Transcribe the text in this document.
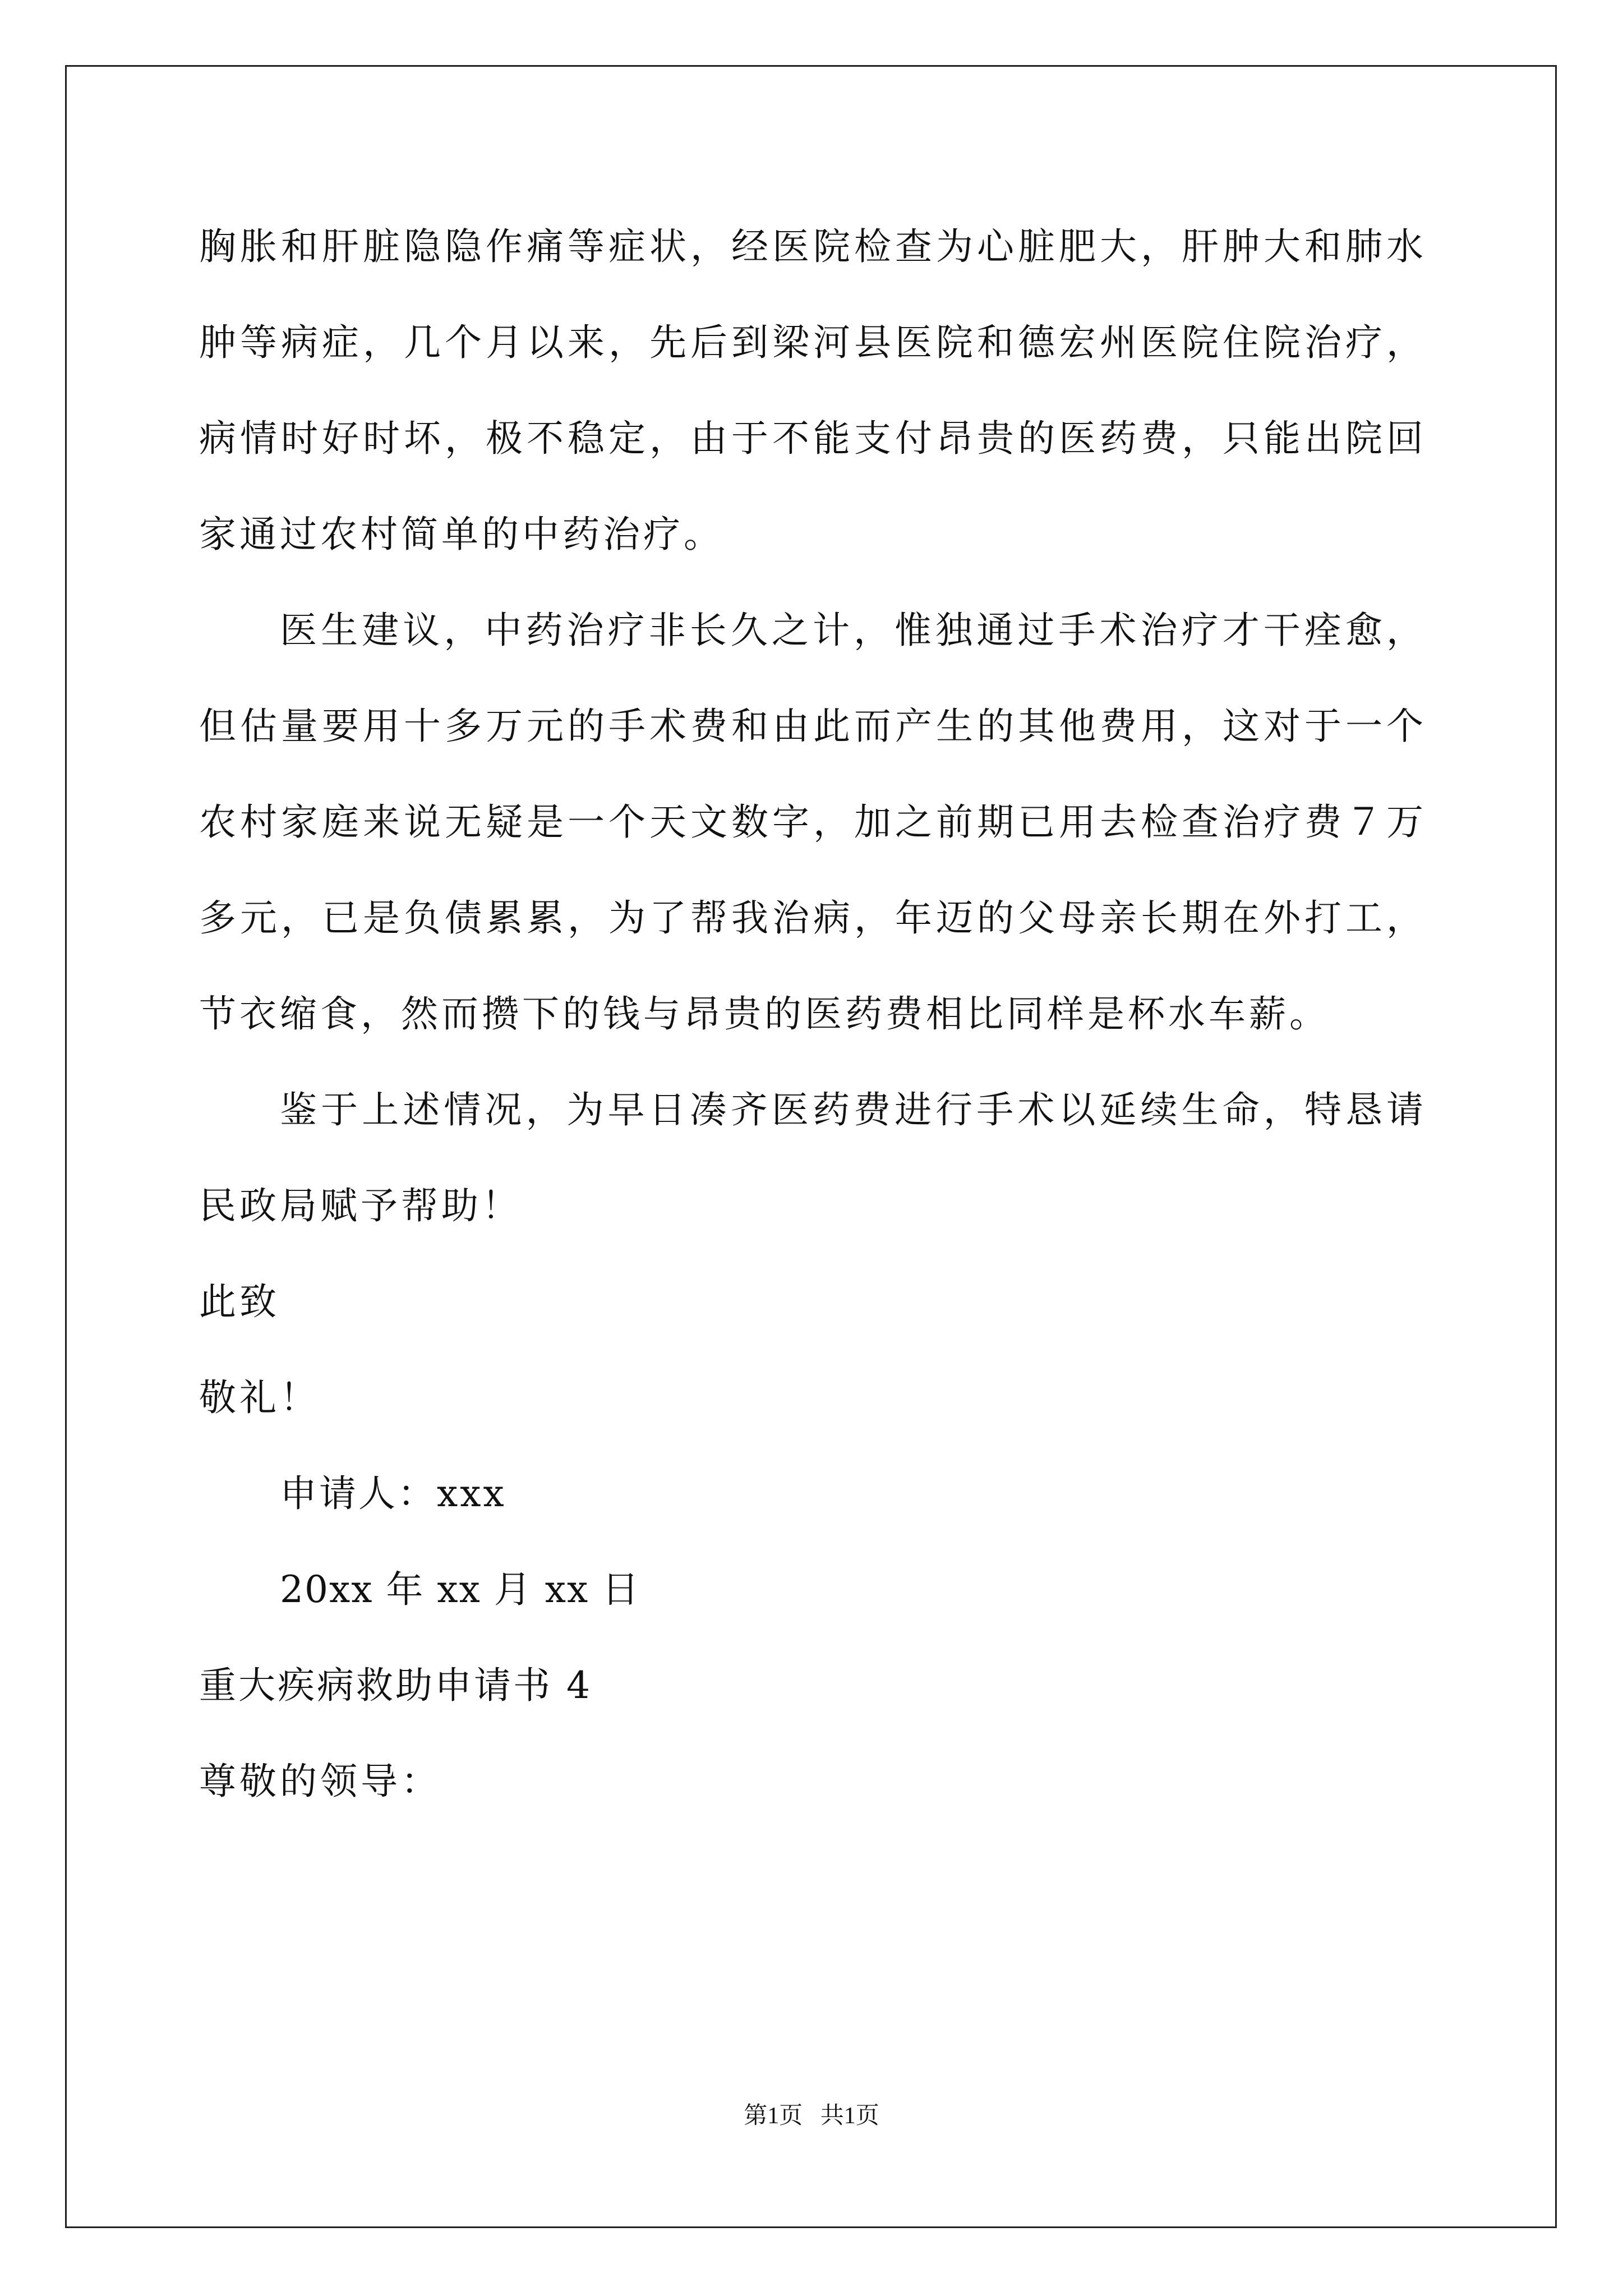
胸胀和肝脏隐隐作痛等症状，经医院检查为心脏肥大，肝肿大和肺水
肿等病症，几个月以来，先后到梁河县医院和德宏州医院住院治疗，
病情时好时坏，极不稳定，由于不能支付昂贵的医药费，只能出院回
家通过农村简单的中药治疗。
医生建议，中药治疗非长久之计，惟独通过手术治疗才干痊愈，
但估量要用十多万元的手术费和由此而产生的其他费用，这对于一个
农村家庭来说无疑是一个天文数字，加之前期已用去检查治疗费７万
多元，已是负债累累，为了帮我治病，年迈的父母亲长期在外打工，
节衣缩食，然而攒下的钱与昂贵的医药费相比同样是杯水车薪。
鉴于上述情况，为早日凑齐医药费进行手术以延续生命，特恳请
民政局赋予帮助！
此致
敬礼！
申请人：xxx
20xx 年 xx 月 xx 日
重大疾病救助申请书 4
尊敬的领导：
第1页   共1页
